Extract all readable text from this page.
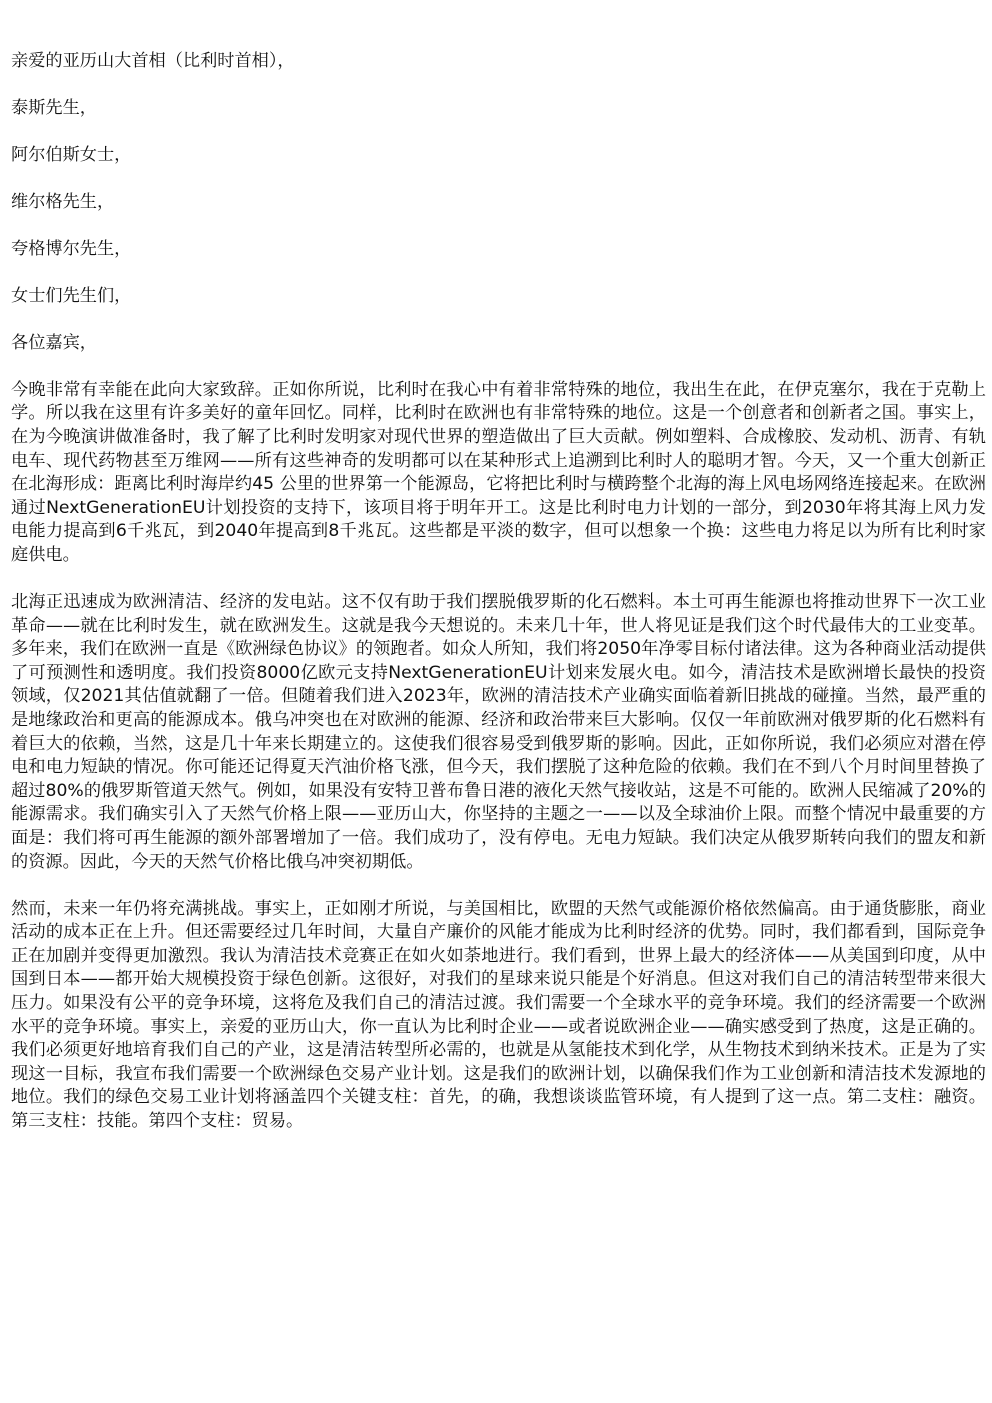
亲爱的亚历山大首相（比利时首相），

泰斯先生，

阿尔伯斯女士，

维尔格先生，

夸格博尔先生，

女士们先生们，

各位嘉宾，

今晚非常有幸能在此向大家致辞。正如你所说，比利时在我心中有着非常特殊的地位，我出生在此，在伊克塞尔，我在于克勒上学。所以我在这里有许多美好的童年回忆。同样，比利时在欧洲也有非常特殊的地位。这是一个创意者和创新者之国。事实上，在为今晚演讲做准备时，我了解了比利时发明家对现代世界的塑造做出了巨大贡献。例如塑料、合成橡胶、发动机、沥青、有轨电车、现代药物甚至万维网——所有这些神奇的发明都可以在某种形式上追溯到比利时人的聪明才智。今天，又一个重大创新正在北海形成：距离比利时海岸约45 公里的世界第一个能源岛，它将把比利时与横跨整个北海的海上风电场网络连接起来。在欧洲通过NextGenerationEU计划投资的支持下，该项目将于明年开工。这是比利时电力计划的一部分，到2030年将其海上风力发电能力提高到6千兆瓦，到2040年提高到8千兆瓦。这些都是平淡的数字，但可以想象一个换：这些电力将足以为所有比利时家庭供电。

北海正迅速成为欧洲清洁、经济的发电站。这不仅有助于我们摆脱俄罗斯的化石燃料。本土可再生能源也将推动世界下一次工业革命——就在比利时发生，就在欧洲发生。这就是我今天想说的。未来几十年，世人将见证是我们这个时代最伟大的工业变革。多年来，我们在欧洲一直是《欧洲绿色协议》的领跑者。如众人所知，我们将2050年净零目标付诸法律。这为各种商业活动提供了可预测性和透明度。我们投资8000亿欧元支持NextGenerationEU计划来发展火电。如今，清洁技术是欧洲增长最快的投资领域，仅2021其估值就翻了一倍。但随着我们进入2023年，欧洲的清洁技术产业确实面临着新旧挑战的碰撞。当然，最严重的是地缘政治和更高的能源成本。俄乌冲突也在对欧洲的能源、经济和政治带来巨大影响。仅仅一年前欧洲对俄罗斯的化石燃料有着巨大的依赖，当然，这是几十年来长期建立的。这使我们很容易受到俄罗斯的影响。因此，正如你所说，我们必须应对潜在停电和电力短缺的情况。你可能还记得夏天汽油价格飞涨，但今天，我们摆脱了这种危险的依赖。我们在不到八个月时间里替换了超过80%的俄罗斯管道天然气。例如，如果没有安特卫普布鲁日港的液化天然气接收站，这是不可能的。欧洲人民缩减了20%的能源需求。我们确实引入了天然气价格上限——亚历山大，你坚持的主题之一——以及全球油价上限。而整个情况中最重要的方面是：我们将可再生能源的额外部署增加了一倍。我们成功了，没有停电。无电力短缺。我们决定从俄罗斯转向我们的盟友和新的资源。因此，今天的天然气价格比俄乌冲突初期低。

然而，未来一年仍将充满挑战。事实上，正如刚才所说，与美国相比，欧盟的天然气或能源价格依然偏高。由于通货膨胀，商业活动的成本正在上升。但还需要经过几年时间，大量自产廉价的风能才能成为比利时经济的优势。同时，我们都看到，国际竞争正在加剧并变得更加激烈。我认为清洁技术竞赛正在如火如荼地进行。我们看到，世界上最大的经济体——从美国到印度，从中国到日本——都开始大规模投资于绿色创新。这很好，对我们的星球来说只能是个好消息。但这对我们自己的清洁转型带来很大压力。如果没有公平的竞争环境，这将危及我们自己的清洁过渡。我们需要一个全球水平的竞争环境。我们的经济需要一个欧洲水平的竞争环境。事实上，亲爱的亚历山大，你一直认为比利时企业——或者说欧洲企业——确实感受到了热度，这是正确的。我们必须更好地培育我们自己的产业，这是清洁转型所必需的，也就是从氢能技术到化学，从生物技术到纳米技术。正是为了实现这一目标，我宣布我们需要一个欧洲绿色交易产业计划。这是我们的欧洲计划，以确保我们作为工业创新和清洁技术发源地的地位。我们的绿色交易工业计划将涵盖四个关键支柱：首先，的确，我想谈谈监管环境，有人提到了这一点。第二支柱：融资。第三支柱：技能。第四个支柱：贸易。
